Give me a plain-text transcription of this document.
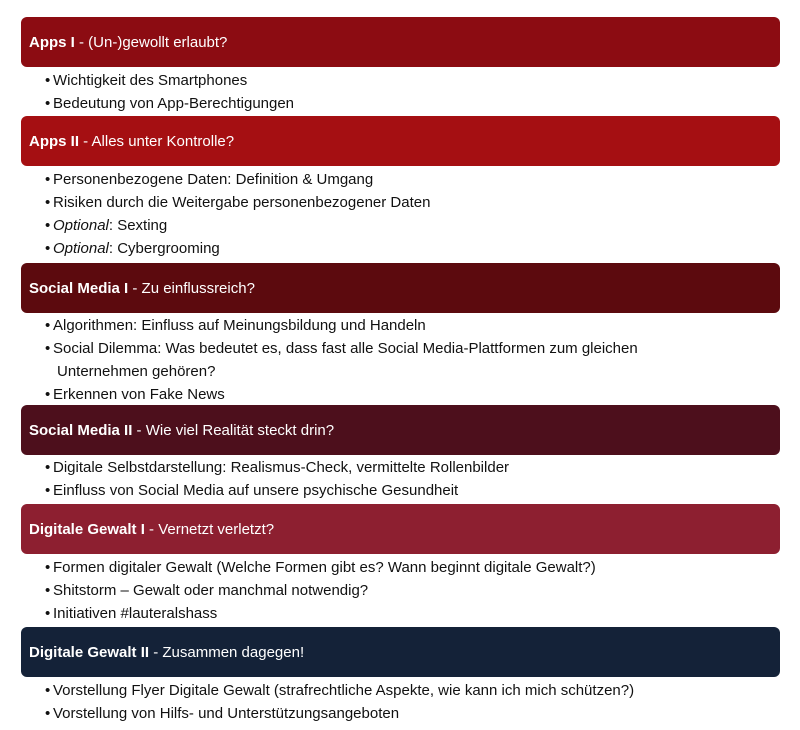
Apps I - (Un-)gewollt erlaubt?
• Wichtigkeit des Smartphones
• Bedeutung von App-Berechtigungen
Apps II - Alles unter Kontrolle?
• Personenbezogene Daten: Definition & Umgang
• Risiken durch die Weitergabe personenbezogener Daten
• Optional: Sexting
• Optional: Cybergrooming
Social Media I - Zu einflussreich?
• Algorithmen: Einfluss auf Meinungsbildung und Handeln
• Social Dilemma: Was bedeutet es, dass fast alle Social Media-Plattformen zum gleichen
Unternehmen gehören?
• Erkennen von Fake News
Social Media II - Wie viel Realität steckt drin?
• Digitale Selbstdarstellung: Realismus-Check, vermittelte Rollenbilder
• Einfluss von Social Media auf unsere psychische Gesundheit
Digitale Gewalt I - Vernetzt verletzt?
• Formen digitaler Gewalt (Welche Formen gibt es? Wann beginnt digitale Gewalt?)
• Shitstorm – Gewalt oder manchmal notwendig?
• Initiativen #lauteralshass
Digitale Gewalt II - Zusammen dagegen!
• Vorstellung Flyer Digitale Gewalt (strafrechtliche Aspekte, wie kann ich mich schützen?)
• Vorstellung von Hilfs- und Unterstützungsangeboten
